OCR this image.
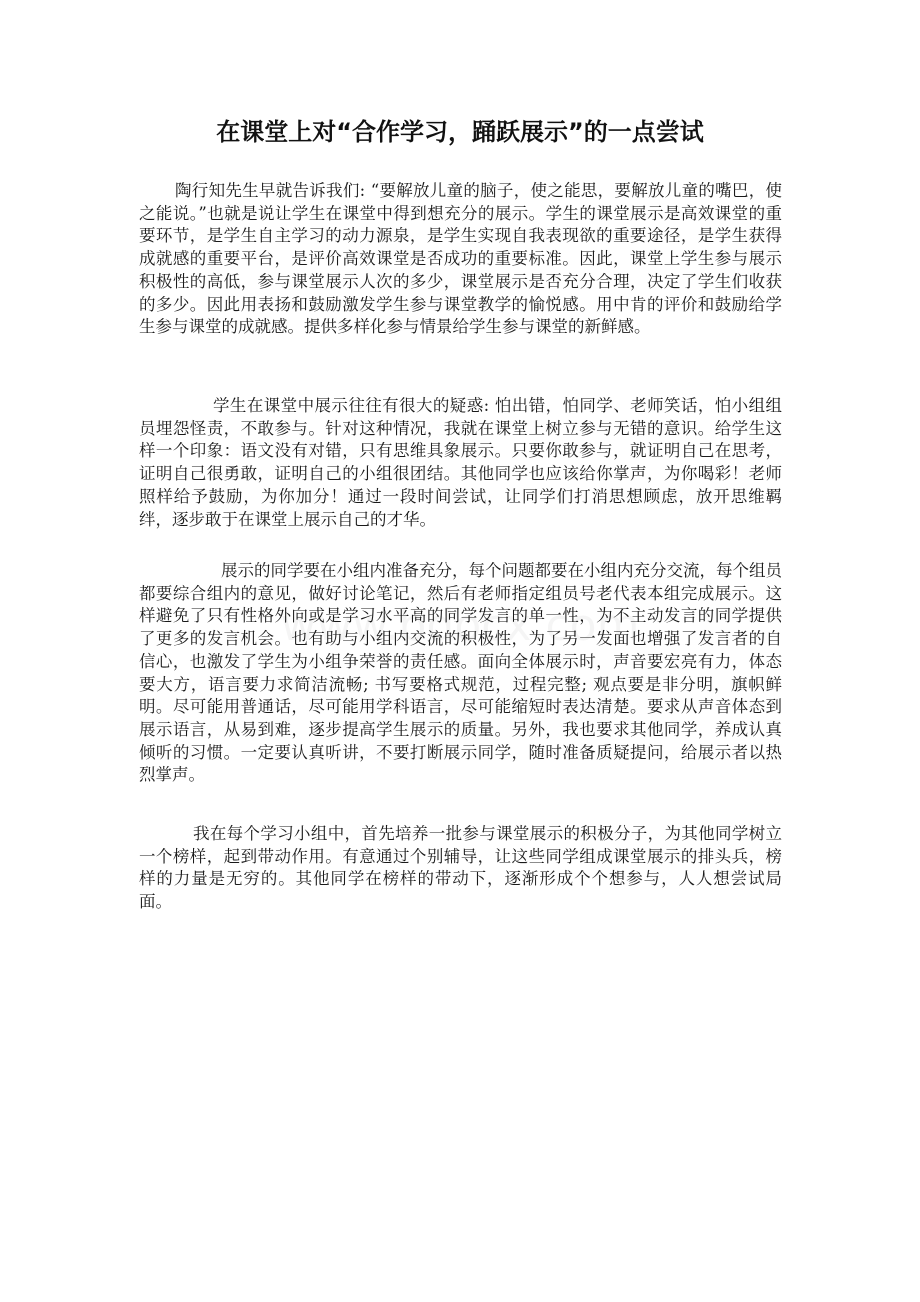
在课堂上对“合作学习，踊跃展示”的一点尝试

陶行知先生早就告诉我们: “要解放儿童的脑子，使之能思，要解放儿童的嘴巴，使之能说。”也就是说让学生在课堂中得到想充分的展示。学生的课堂展示是高效课堂的重要环节，是学生自主学习的动力源泉，是学生实现自我表现欲的重要途径，是学生获得成就感的重要平台，是评价高效课堂是否成功的重要标准。因此，课堂上学生参与展示积极性的高低，参与课堂展示人次的多少，课堂展示是否充分合理，决定了学生们收获的多少。因此用表扬和鼓励激发学生参与课堂教学的愉悦感。用中肯的评价和鼓励给学生参与课堂的成就感。提供多样化参与情景给学生参与课堂的新鲜感。

学生在课堂中展示往往有很大的疑惑: 怕出错，怕同学、老师笑话，怕小组组员埋怨怪责，不敢参与。针对这种情况，我就在课堂上树立参与无错的意识。给学生这样一个印象：语文没有对错，只有思维具象展示。只要你敢参与，就证明自己在思考，证明自己很勇敢，证明自己的小组很团结。其他同学也应该给你掌声，为你喝彩！老师照样给予鼓励，为你加分！通过一段时间尝试，让同学们打消思想顾虑，放开思维羁绊，逐步敢于在课堂上展示自己的才华。

展示的同学要在小组内准备充分，每个问题都要在小组内充分交流，每个组员都要综合组内的意见，做好讨论笔记，然后有老师指定组员号老代表本组完成展示。这样避免了只有性格外向或是学习水平高的同学发言的单一性，为不主动发言的同学提供了更多的发言机会。也有助与小组内交流的积极性，为了另一发面也增强了发言者的自信心，也激发了学生为小组争荣誉的责任感。面向全体展示时，声音要宏亮有力，体态要大方，语言要力求简洁流畅; 书写要格式规范，过程完整; 观点要是非分明，旗帜鲜明。尽可能用普通话，尽可能用学科语言，尽可能缩短时表达清楚。要求从声音体态到展示语言，从易到难，逐步提高学生展示的质量。另外，我也要求其他同学，养成认真倾听的习惯。一定要认真听讲，不要打断展示同学，随时准备质疑提问，给展示者以热烈掌声。

我在每个学习小组中，首先培养一批参与课堂展示的积极分子，为其他同学树立一个榜样，起到带动作用。有意通过个别辅导，让这些同学组成课堂展示的排头兵，榜样的力量是无穷的。其他同学在榜样的带动下，逐渐形成个个想参与，人人想尝试局面。
